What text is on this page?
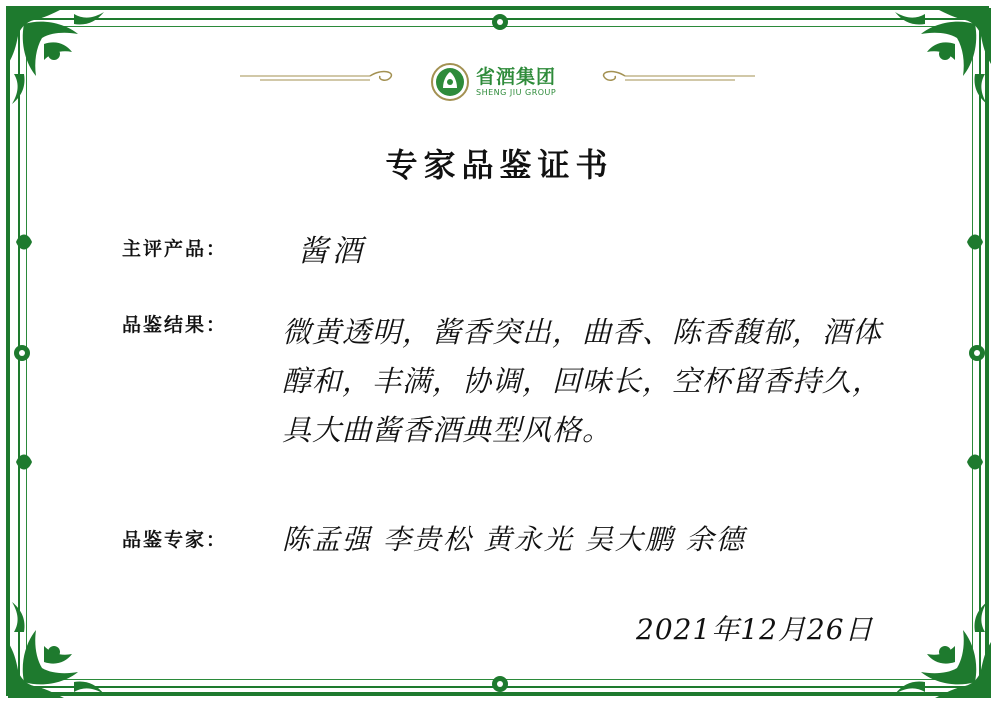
省酒集团
SHENG JIU GROUP
专家品鉴证书
主评产品： 酱酒
品鉴结果： 微黄透明，酱香突出，曲香、陈香馥郁，酒体醇和，丰满，协调，回味长，空杯留香持久，具大曲酱香酒典型风格。
品鉴专家： 陈孟强 李贵松 黄永光 吴大鹏 余德
2021年12月26日
